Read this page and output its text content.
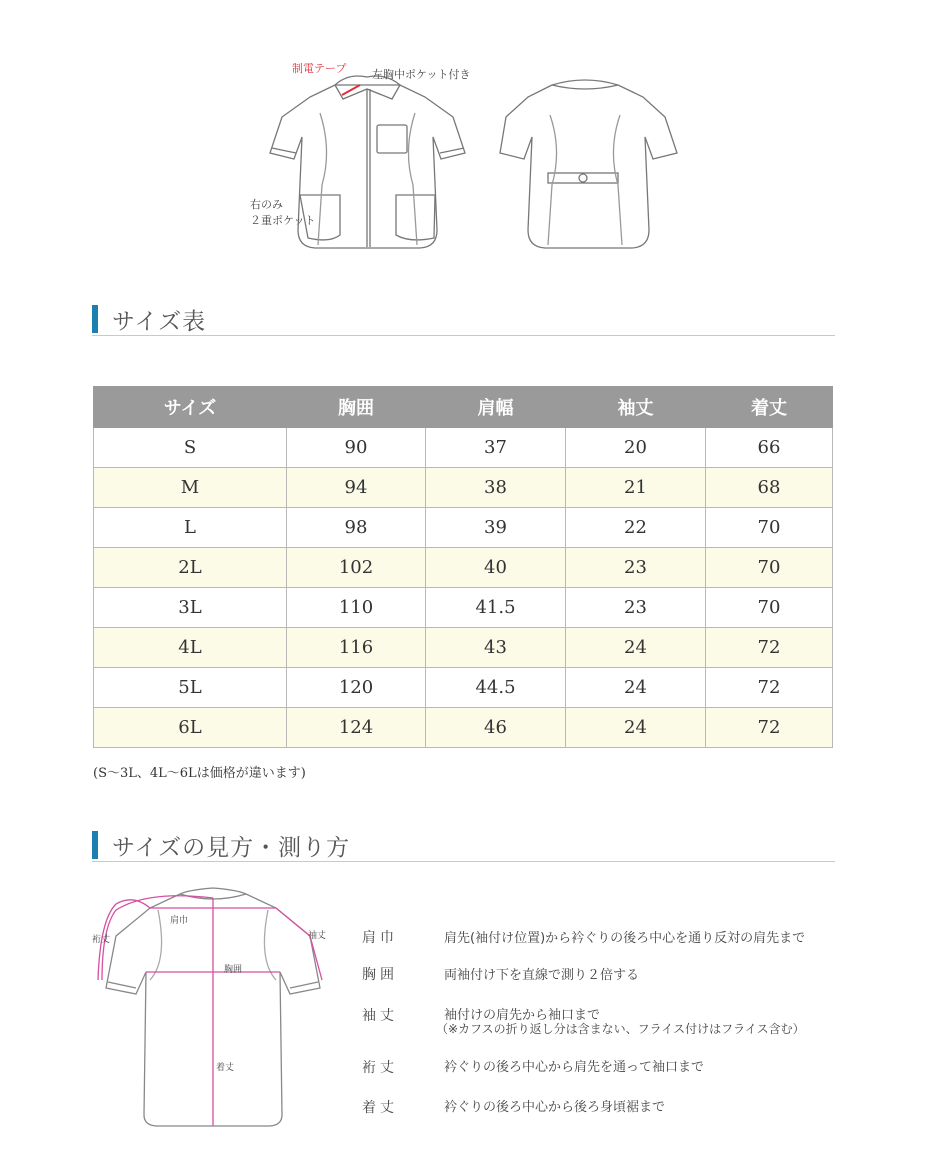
制電テープ 左胸中ポケット付き
右のみ
２重ポケット
サイズ表
サイズ	胸囲	肩幅	袖丈	着丈
S	90	37	20	66
M	94	38	21	68
L	98	39	22	70
2L	102	40	23	70
3L	110	41.5	23	70
4L	116	43	24	72
5L	120	44.5	24	72
6L	124	46	24	72
(S〜3L、4L〜6Lは価格が違います)
サイズの見方・測り方
肩巾
胸囲
袖丈
裄丈
着丈
肩巾	肩先(袖付け位置)から衿ぐりの後ろ中心を通り反対の肩先まで
胸囲	両袖付け下を直線で測り２倍する
袖丈	袖付けの肩先から袖口まで
（※カフスの折り返し分は含まない、フライス付けはフライス含む）
裄丈	衿ぐりの後ろ中心から肩先を通って袖口まで
着丈	衿ぐりの後ろ中心から後ろ身頃裾まで
